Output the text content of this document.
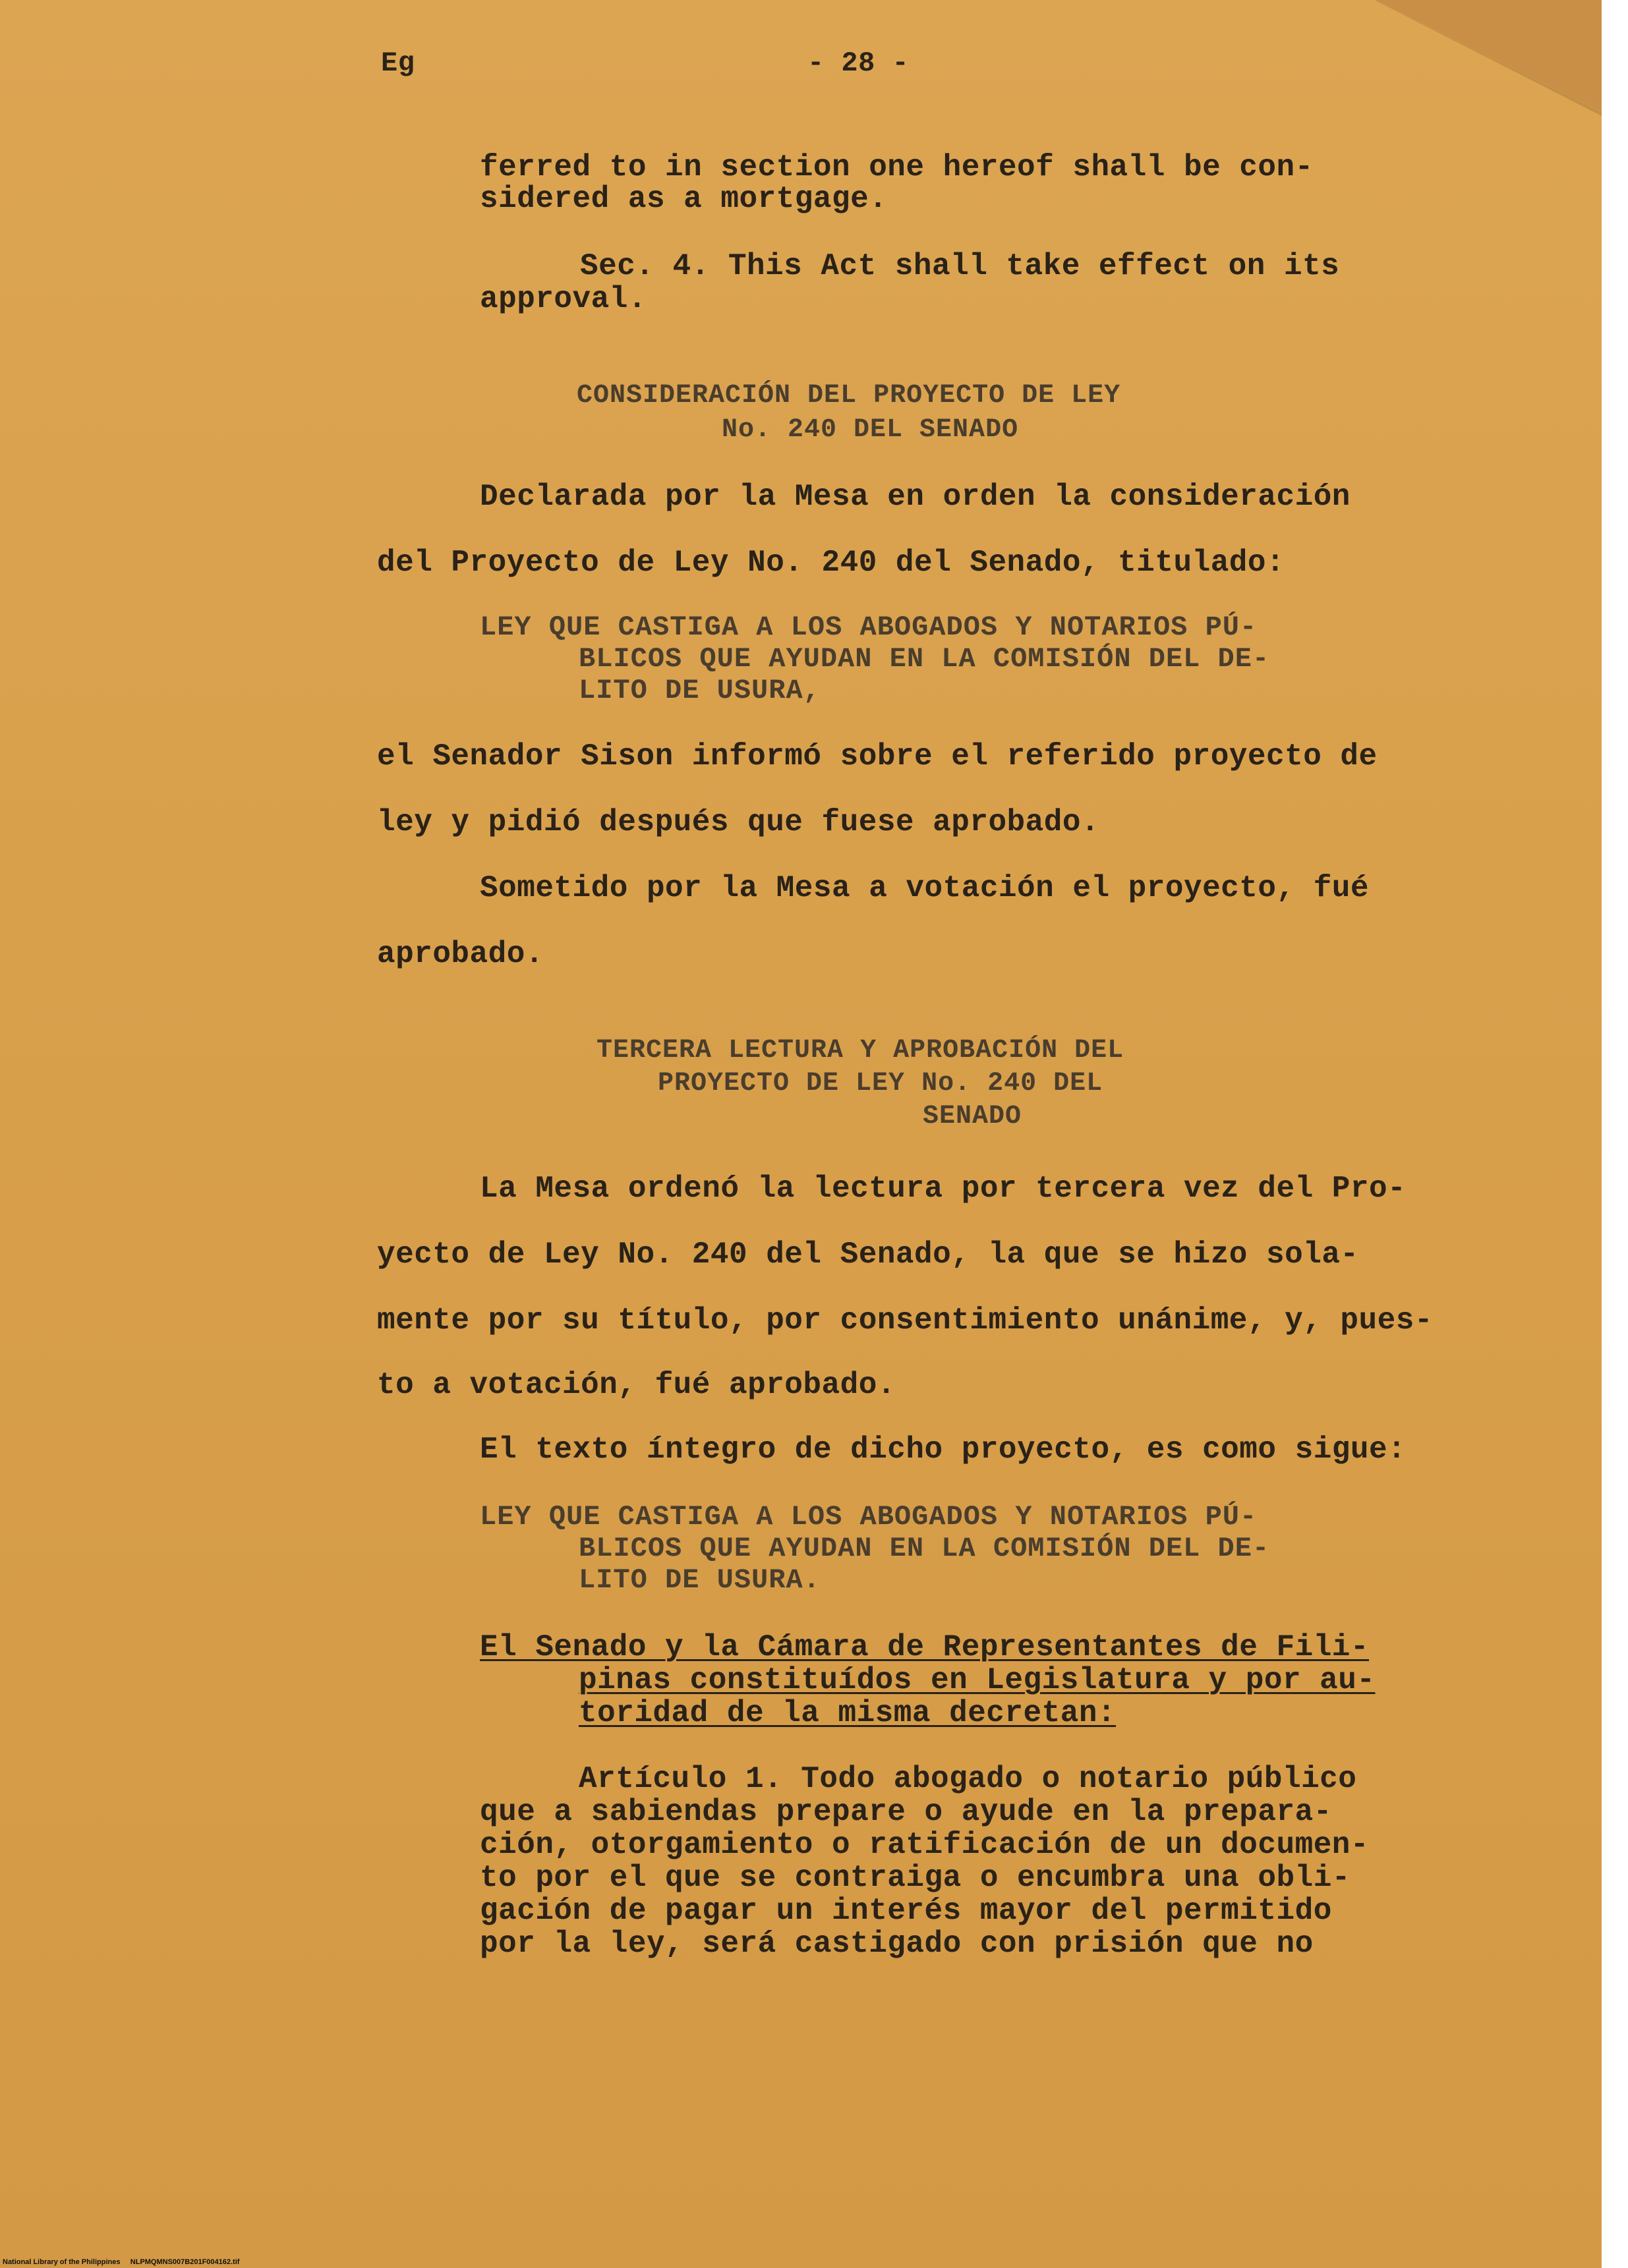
Eg	- 28 -

ferred to in section one hereof shall be con-

sidered as a mortgage.

Sec. 4. This Act shall take effect on its

approval.

CONSIDERACIÓN DEL PROYECTO DE LEY

No. 240 DEL SENADO

Declarada por la Mesa en orden la consideración

del Proyecto de Ley No. 240 del Senado, titulado:

LEY QUE CASTIGA A LOS ABOGADOS Y NOTARIOS PÚ-

BLICOS QUE AYUDAN EN LA COMISIÓN DEL DE-

LITO DE USURA,

el Senador Sison informó sobre el referido proyecto de

ley y pidió después que fuese aprobado.

Sometido por la Mesa a votación el proyecto, fué

aprobado.

TERCERA LECTURA Y APROBACIÓN DEL

PROYECTO DE LEY No. 240 DEL

SENADO

La Mesa ordenó la lectura por tercera vez del Pro-

yecto de Ley No. 240 del Senado, la que se hizo sola-

mente por su título, por consentimiento unánime, y, pues-

to a votación, fué aprobado.

El texto íntegro de dicho proyecto, es como sigue:

LEY QUE CASTIGA A LOS ABOGADOS Y NOTARIOS PÚ-

BLICOS QUE AYUDAN EN LA COMISIÓN DEL DE-

LITO DE USURA.

El Senado y la Cámara de Representantes de Fili-

pinas constituídos en Legislatura y por au-

toridad de la misma decretan:

Artículo 1. Todo abogado o notario público

que a sabiendas prepare o ayude en la prepara-

ción, otorgamiento o ratificación de un documen-

to por el que se contraiga o encumbra una obli-

gación de pagar un interés mayor del permitido

por la ley, será castigado con prisión que no

National Library of the Philippines NLPMQMNS007B201F004162.tif
